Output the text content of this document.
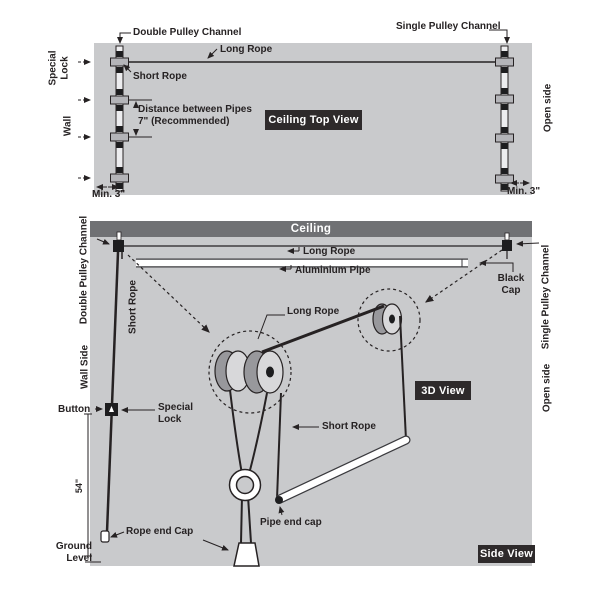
Ceiling
Double Pulley Channel
Single Pulley Channel
Long Rope
Short Rope
Special Lock
Wall
Distance between Pipes
7" (Recommended)	Ceiling Top View	Open side
Min. 3"	Min. 3"
Double Pulley Channel	Single Pulley Channel
Long Rope
Aluminium Pipe
Black Cap
Short Rope
Wall Side	Open side
Button	Special Lock
Long Rope
3D View
Short Rope
Pipe end cap
Rope end Cap
54"
Ground Level	Side View
